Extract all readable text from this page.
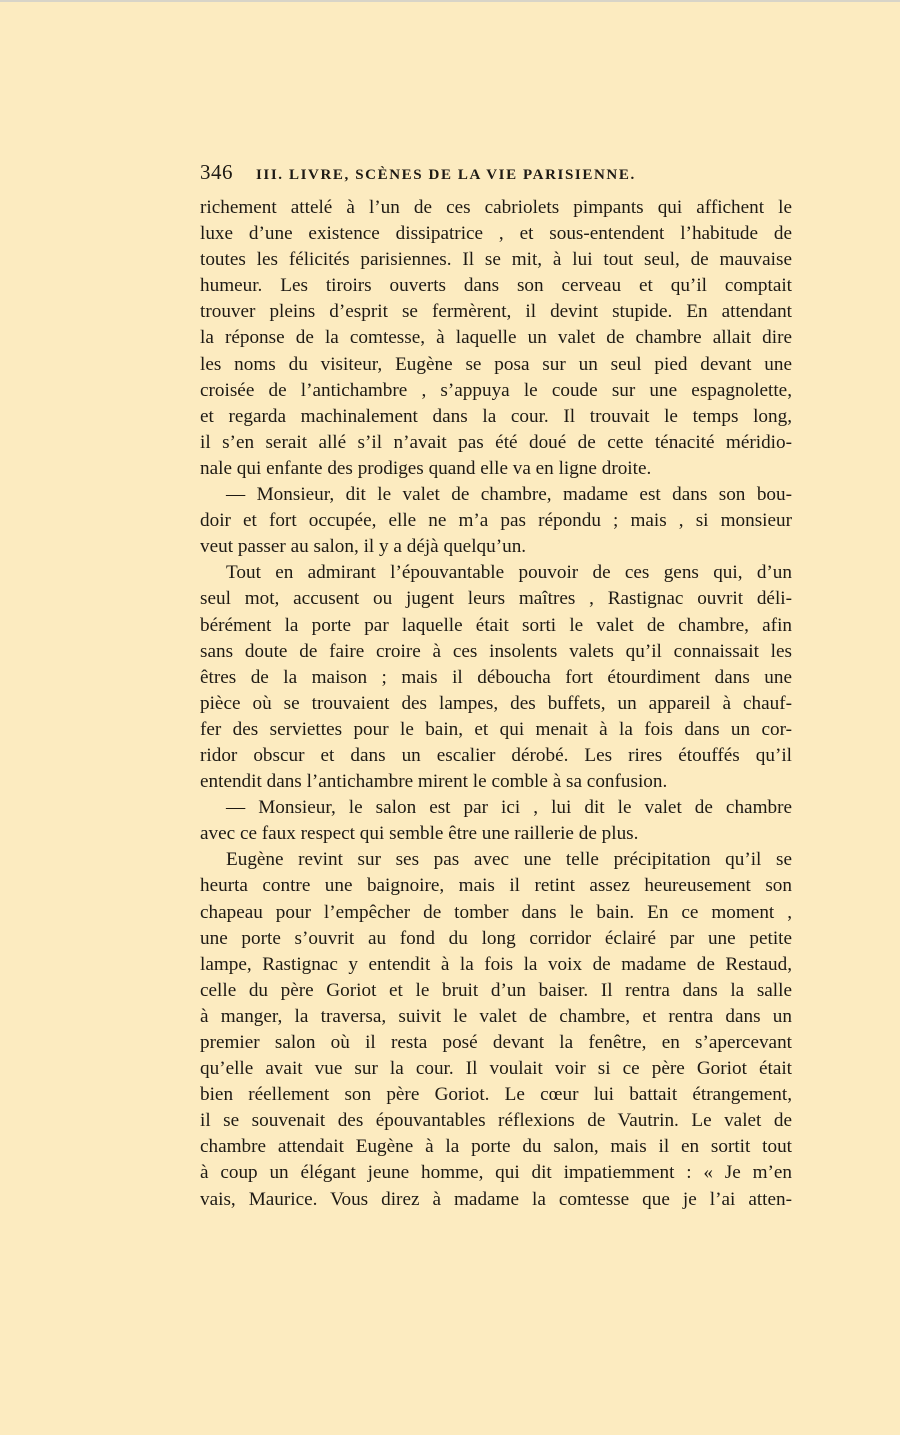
346	III. LIVRE, SCÈNES DE LA VIE PARISIENNE.
richement attelé à l’un de ces cabriolets pimpants qui affichent le
luxe d’une existence dissipatrice , et sous-entendent l’habitude de
toutes les félicités parisiennes. Il se mit, à lui tout seul, de mauvaise
humeur. Les tiroirs ouverts dans son cerveau et qu’il comptait
trouver pleins d’esprit se fermèrent, il devint stupide. En attendant
la réponse de la comtesse, à laquelle un valet de chambre allait dire
les noms du visiteur, Eugène se posa sur un seul pied devant une
croisée de l’antichambre , s’appuya le coude sur une espagnolette,
et regarda machinalement dans la cour. Il trouvait le temps long,
il s’en serait allé s’il n’avait pas été doué de cette ténacité méridio-
nale qui enfante des prodiges quand elle va en ligne droite.
— Monsieur, dit le valet de chambre, madame est dans son bou-
doir et fort occupée, elle ne m’a pas répondu ; mais , si monsieur
veut passer au salon, il y a déjà quelqu’un.
Tout en admirant l’épouvantable pouvoir de ces gens qui, d’un
seul mot, accusent ou jugent leurs maîtres , Rastignac ouvrit déli-
bérément la porte par laquelle était sorti le valet de chambre, afin
sans doute de faire croire à ces insolents valets qu’il connaissait les
êtres de la maison ; mais il déboucha fort étourdiment dans une
pièce où se trouvaient des lampes, des buffets, un appareil à chauf-
fer des serviettes pour le bain, et qui menait à la fois dans un cor-
ridor obscur et dans un escalier dérobé. Les rires étouffés qu’il
entendit dans l’antichambre mirent le comble à sa confusion.
— Monsieur, le salon est par ici , lui dit le valet de chambre
avec ce faux respect qui semble être une raillerie de plus.
Eugène revint sur ses pas avec une telle précipitation qu’il se
heurta contre une baignoire, mais il retint assez heureusement son
chapeau pour l’empêcher de tomber dans le bain. En ce moment ,
une porte s’ouvrit au fond du long corridor éclairé par une petite
lampe, Rastignac y entendit à la fois la voix de madame de Restaud,
celle du père Goriot et le bruit d’un baiser. Il rentra dans la salle
à manger, la traversa, suivit le valet de chambre, et rentra dans un
premier salon où il resta posé devant la fenêtre, en s’apercevant
qu’elle avait vue sur la cour. Il voulait voir si ce père Goriot était
bien réellement son père Goriot. Le cœur lui battait étrangement,
il se souvenait des épouvantables réflexions de Vautrin. Le valet de
chambre attendait Eugène à la porte du salon, mais il en sortit tout
à coup un élégant jeune homme, qui dit impatiemment : « Je m’en
vais, Maurice. Vous direz à madame la comtesse que je l’ai atten-
